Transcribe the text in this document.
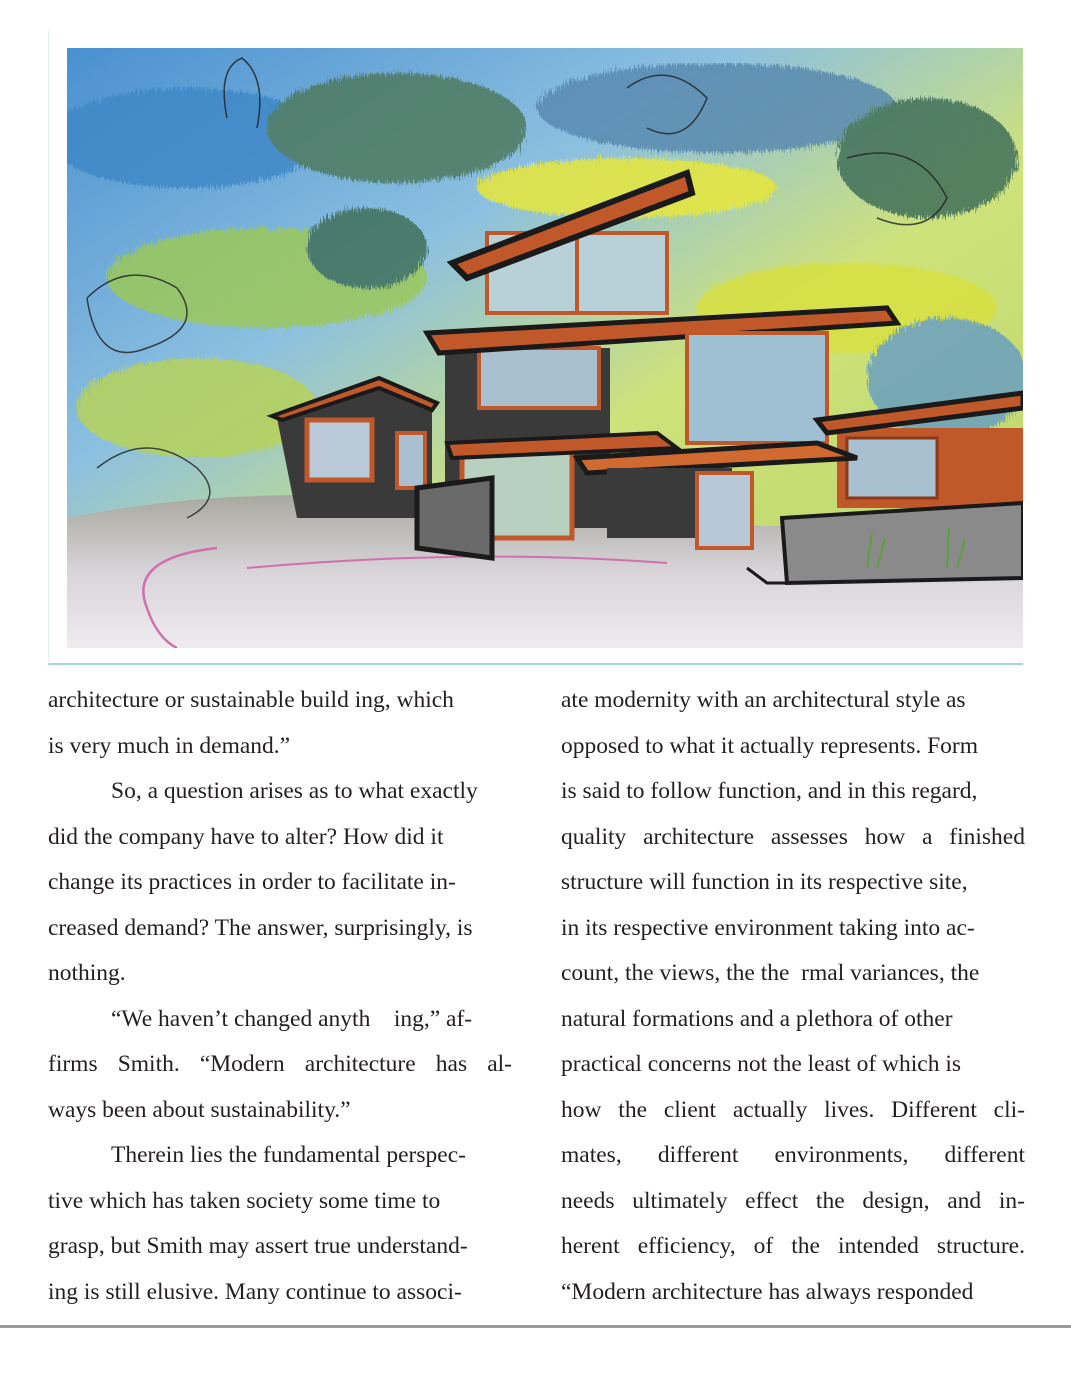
architecture or sustainable build ing, which
is very much in demand.”
So, a question arises as to what exactly
did the company have to alter? How did it
change its practices in order to facilitate in-
creased demand? The answer, surprisingly, is
nothing.
“We haven’t changed anyth    ing,” af-
firms Smith. “Modern architecture has al-
ways been about sustainability.”
Therein lies the fundamental perspec-
tive which has taken society some time to
grasp, but Smith may assert true understand-
ing is still elusive. Many continue to associ-
ate modernity with an architectural style as
opposed to what it actually represents. Form
is said to follow function, and in this regard,
quality architecture assesses how a finished
structure will function in its respective site,
in its respective environment taking into ac-
count, the views, the the  rmal variances, the
natural formations and a plethora of other
practical concerns not the least of which is
how the client actually lives. Different cli-
mates, different environments, different
needs ultimately effect the design, and in-
herent efficiency, of the intended structure.
“Modern architecture has always responded
